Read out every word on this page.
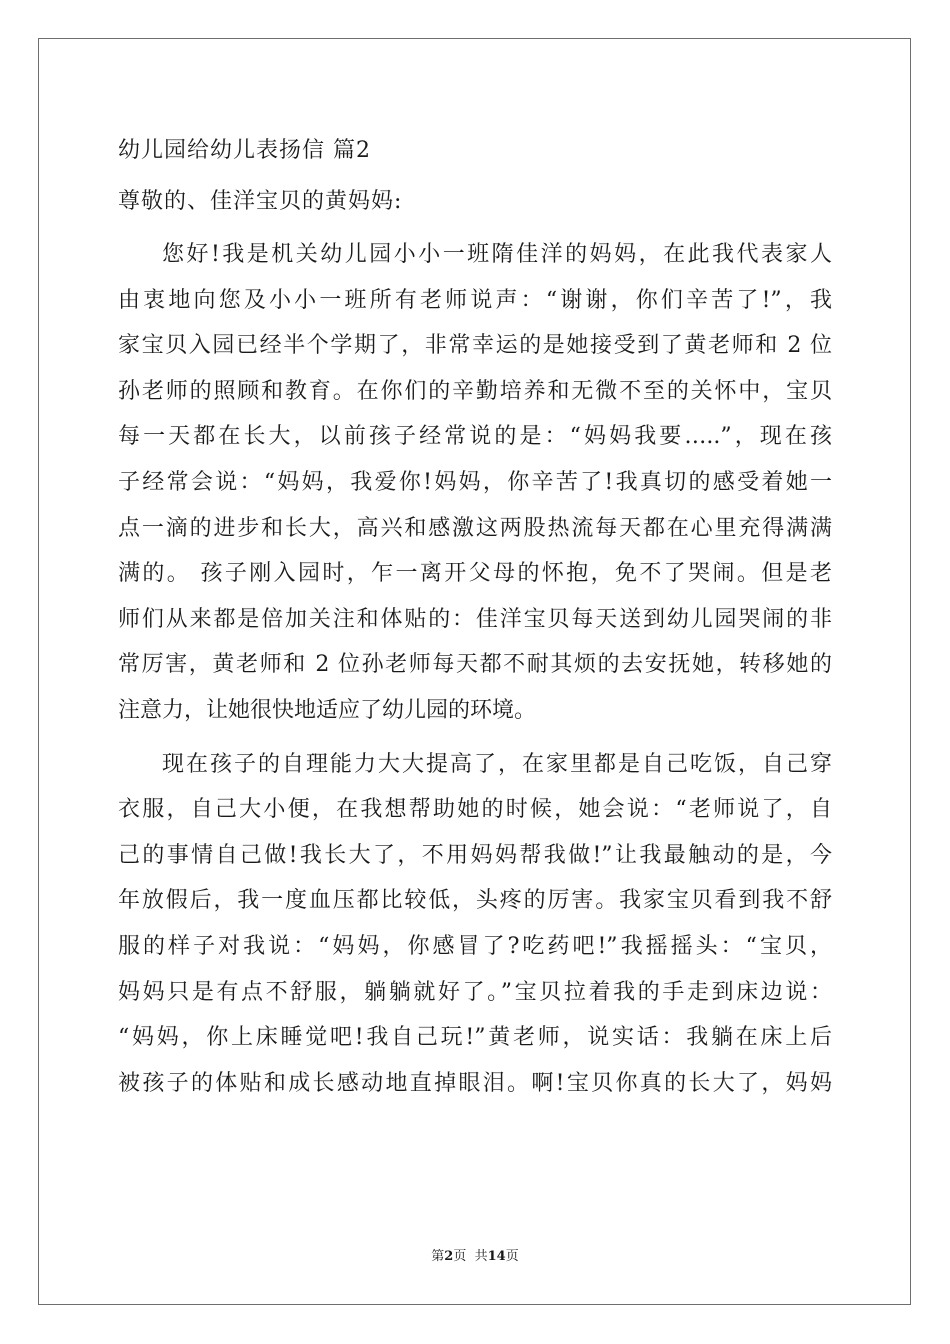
幼儿园给幼儿表扬信 篇2

尊敬的、佳洋宝贝的黄妈妈:

您好!我是机关幼儿园小小一班隋佳洋的妈妈，在此我代表家人
由衷地向您及小小一班所有老师说声：“谢谢，你们辛苦了!”，我
家宝贝入园已经半个学期了，非常幸运的是她接受到了黄老师和 2 位
孙老师的照顾和教育。在你们的辛勤培养和无微不至的关怀中，宝贝
每一天都在长大，以前孩子经常说的是：“妈妈我要…..”，现在孩
子经常会说：“妈妈，我爱你!妈妈，你辛苦了!我真切的感受着她一
点一滴的进步和长大，高兴和感激这两股热流每天都在心里充得满满
满的。 孩子刚入园时，乍一离开父母的怀抱，免不了哭闹。但是老
师们从来都是倍加关注和体贴的：佳洋宝贝每天送到幼儿园哭闹的非
常厉害，黄老师和 2 位孙老师每天都不耐其烦的去安抚她，转移她的
注意力，让她很快地适应了幼儿园的环境。
现在孩子的自理能力大大提高了，在家里都是自己吃饭，自己穿
衣服，自己大小便，在我想帮助她的时候，她会说：“老师说了，自
己的事情自己做!我长大了，不用妈妈帮我做!”让我最触动的是，今
年放假后，我一度血压都比较低，头疼的厉害。我家宝贝看到我不舒
服的样子对我说：“妈妈，你感冒了?吃药吧!”我摇摇头：“宝贝，
妈妈只是有点不舒服，躺躺就好了。”宝贝拉着我的手走到床边说：
“妈妈，你上床睡觉吧!我自己玩!”黄老师，说实话：我躺在床上后
被孩子的体贴和成长感动地直掉眼泪。啊!宝贝你真的长大了，妈妈
第2页  共14页
